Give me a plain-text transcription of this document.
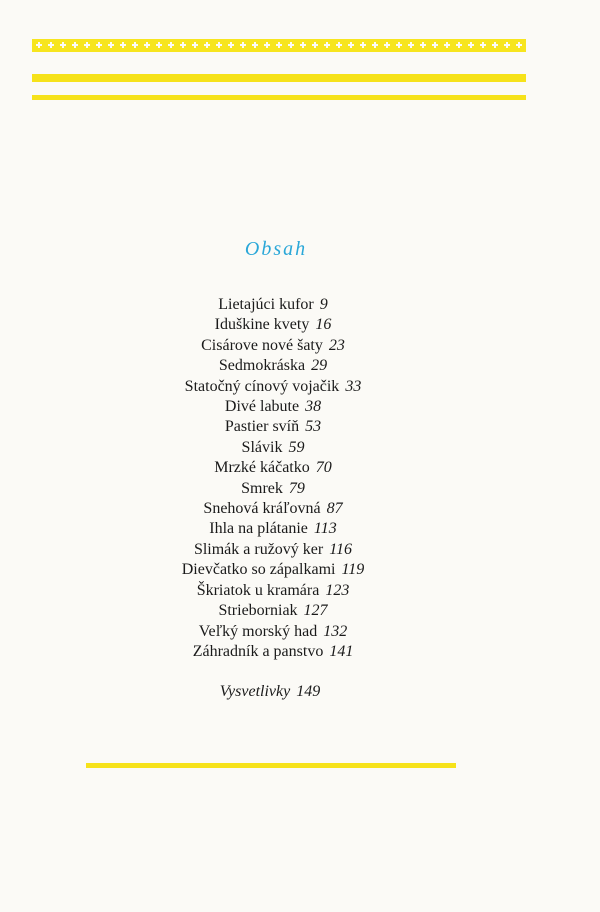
Obsah
Lietajúci kufor 9
Iduškine kvety 16
Cisárove nové šaty 23
Sedmokráska 29
Statočný cínový vojačik 33
Divé labute 38
Pastier svíň 53
Slávik 59
Mrzké káčatko 70
Smrek 79
Snehová kráľovná 87
Ihla na plátanie 113
Slimák a ružový ker 116
Dievčatko so zápalkami 119
Škriatok u kramára 123
Strieborniak 127
Veľký morský had 132
Záhradník a panstvo 141
Vysvetlivky 149
